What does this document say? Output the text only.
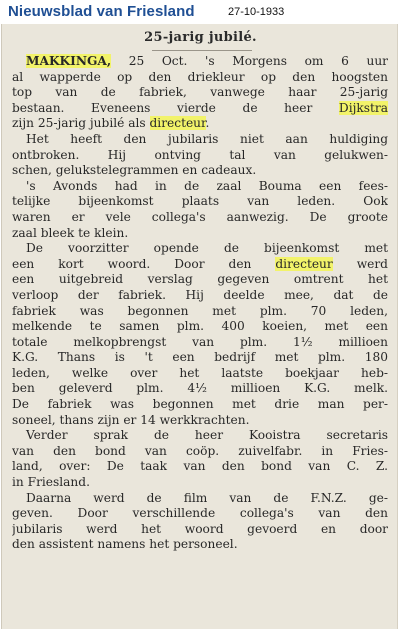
Nieuwsblad van Friesland	27-10-1933
25-jarig jubilé.
MAKKINGA, 25 Oct. 's Morgens om 6 uur
al wapperde op den driekleur op den hoogsten
top van de fabriek, vanwege haar 25-jarig
bestaan. Eveneens vierde de heer Dijkstra
zijn 25-jarig jubilé als directeur.
Het heeft den jubilaris niet aan huldiging
ontbroken. Hij ontving tal van gelukwen-
schen, gelukstelegrammen en cadeaux.
's Avonds had in de zaal Bouma een fees-
telijke bijeenkomst plaats van leden. Ook
waren er vele collega's aanwezig. De groote
zaal bleek te klein.
De voorzitter opende de bijeenkomst met
een kort woord. Door den directeur werd
een uitgebreid verslag gegeven omtrent het
verloop der fabriek. Hij deelde mee, dat de
fabriek was begonnen met plm. 70 leden,
melkende te samen plm. 400 koeien, met een
totale melkopbrengst van plm. 1½ millioen
K.G. Thans is 't een bedrijf met plm. 180
leden, welke over het laatste boekjaar heb-
ben geleverd plm. 4½ millioen K.G. melk.
De fabriek was begonnen met drie man per-
soneel, thans zijn er 14 werkkrachten.
Verder sprak de heer Kooistra secretaris
van den bond van coöp. zuivelfabr. in Fries-
land, over: De taak van den bond van C. Z.
in Friesland.
Daarna werd de film van de F.N.Z. ge-
geven. Door verschillende collega's van den
jubilaris werd het woord gevoerd en door
den assistent namens het personeel.
